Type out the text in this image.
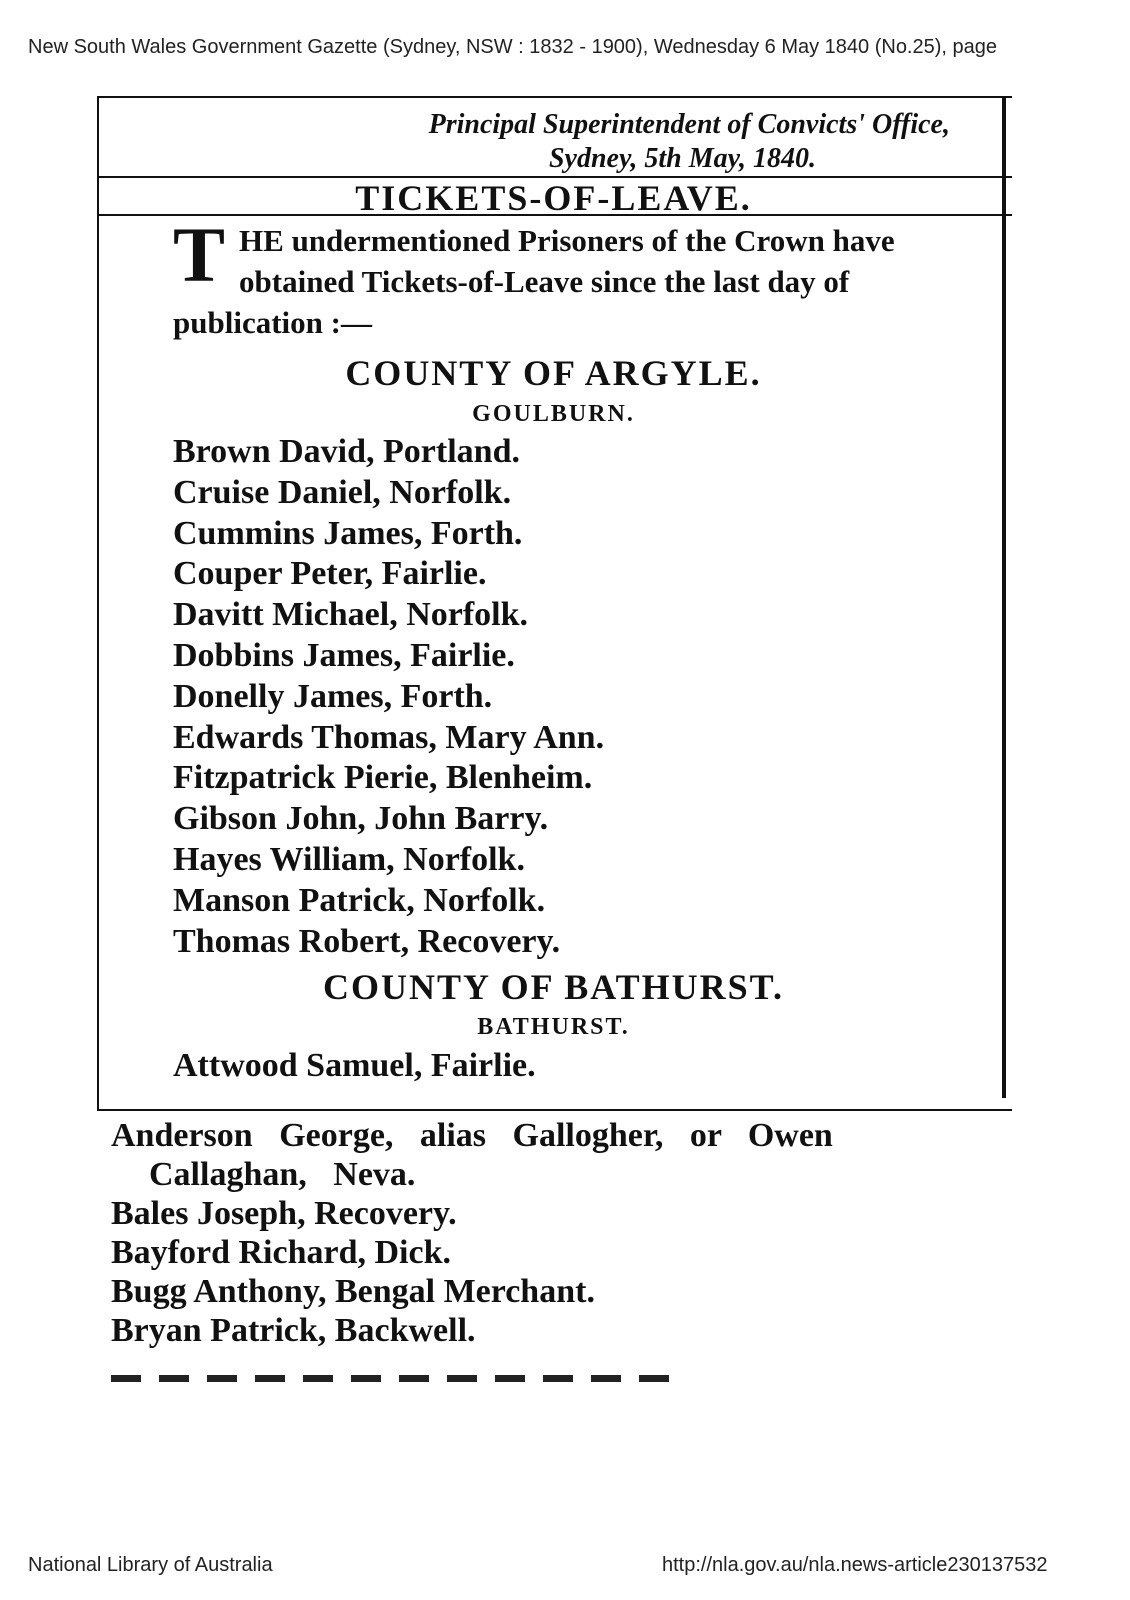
New South Wales Government Gazette (Sydney, NSW : 1832 - 1900), Wednesday 6 May 1840 (No.25), page
Principal Superintendent of Convicts' Office,
Sydney, 5th May, 1840.
TICKETS-OF-LEAVE.
THE undermentioned Prisoners of the Crown have obtained Tickets-of-Leave since the last day of publication :—
COUNTY OF ARGYLE.
GOULBURN.
Brown David, Portland.
Cruise Daniel, Norfolk.
Cummins James, Forth.
Couper Peter, Fairlie.
Davitt Michael, Norfolk.
Dobbins James, Fairlie.
Donelly James, Forth.
Edwards Thomas, Mary Ann.
Fitzpatrick Pierie, Blenheim.
Gibson John, John Barry.
Hayes William, Norfolk.
Manson Patrick, Norfolk.
Thomas Robert, Recovery.
COUNTY OF BATHURST.
BATHURST.
Attwood Samuel, Fairlie.
Anderson George, alias Gallogher, or Owen Callaghan, Neva.
Bales Joseph, Recovery.
Bayford Richard, Dick.
Bugg Anthony, Bengal Merchant.
Bryan Patrick, Backwell.
National Library of Australia	http://nla.gov.au/nla.news-article230137532
